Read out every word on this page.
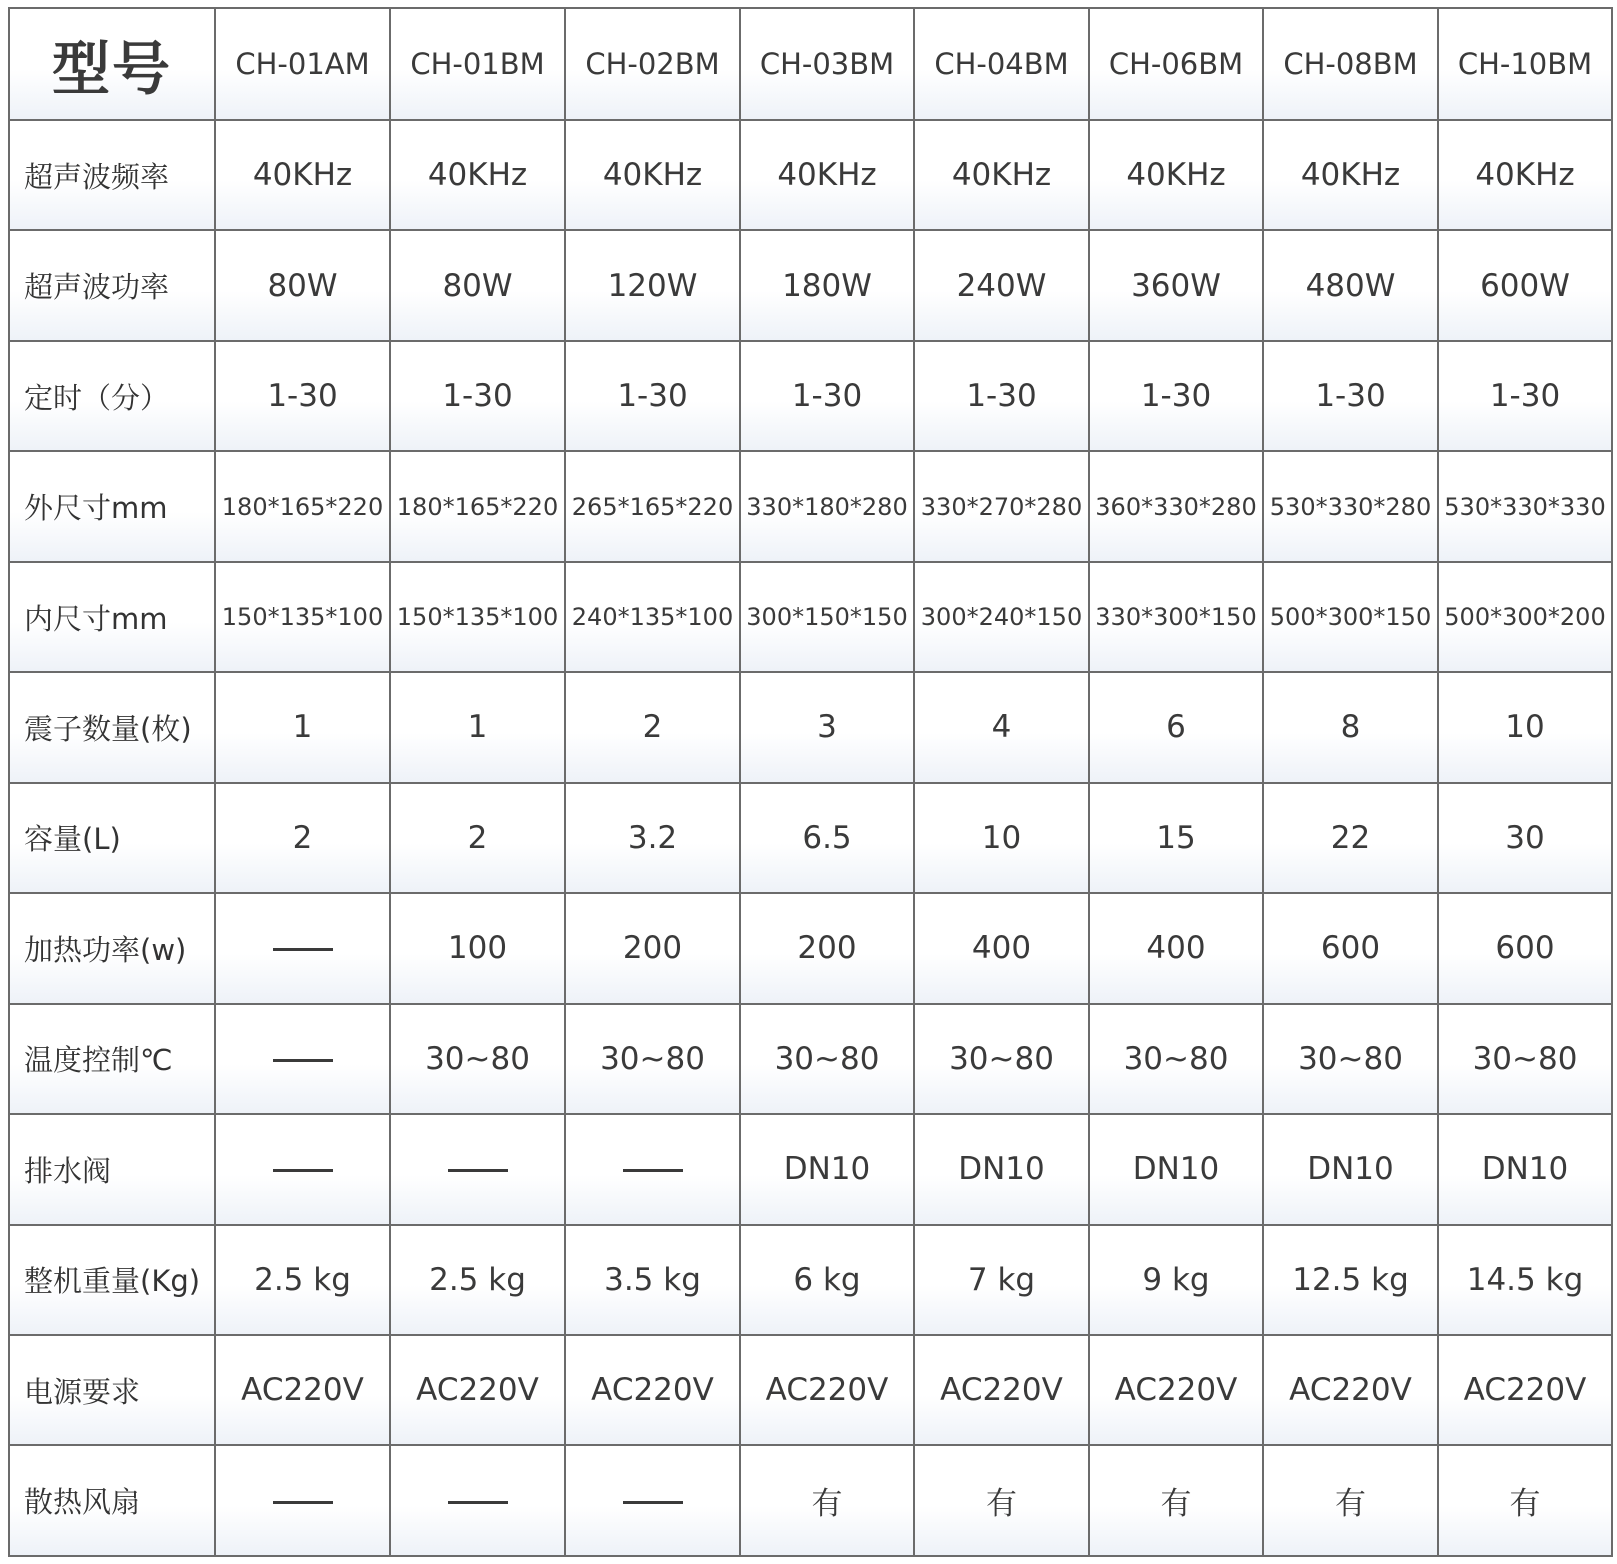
型号	CH-01AM	CH-01BM	CH-02BM	CH-03BM	CH-04BM	CH-06BM	CH-08BM	CH-10BM
超声波频率	40KHz	40KHz	40KHz	40KHz	40KHz	40KHz	40KHz	40KHz
超声波功率	80W	80W	120W	180W	240W	360W	480W	600W
定时（分）	1-30	1-30	1-30	1-30	1-30	1-30	1-30	1-30
外尺寸mm	180*165*220	180*165*220	265*165*220	330*180*280	330*270*280	360*330*280	530*330*280	530*330*330
内尺寸mm	150*135*100	150*135*100	240*135*100	300*150*150	300*240*150	330*300*150	500*300*150	500*300*200
震子数量(枚)	1	1	2	3	4	6	8	10
容量(L)	2	2	3.2	6.5	10	15	22	30
加热功率(w)		100	200	200	400	400	600	600
温度控制℃		30~80	30~80	30~80	30~80	30~80	30~80	30~80
排水阀				DN10	DN10	DN10	DN10	DN10
整机重量(Kg)	2.5 kg	2.5 kg	3.5 kg	6 kg	7 kg	9 kg	12.5 kg	14.5 kg
电源要求	AC220V	AC220V	AC220V	AC220V	AC220V	AC220V	AC220V	AC220V
散热风扇				有	有	有	有	有
